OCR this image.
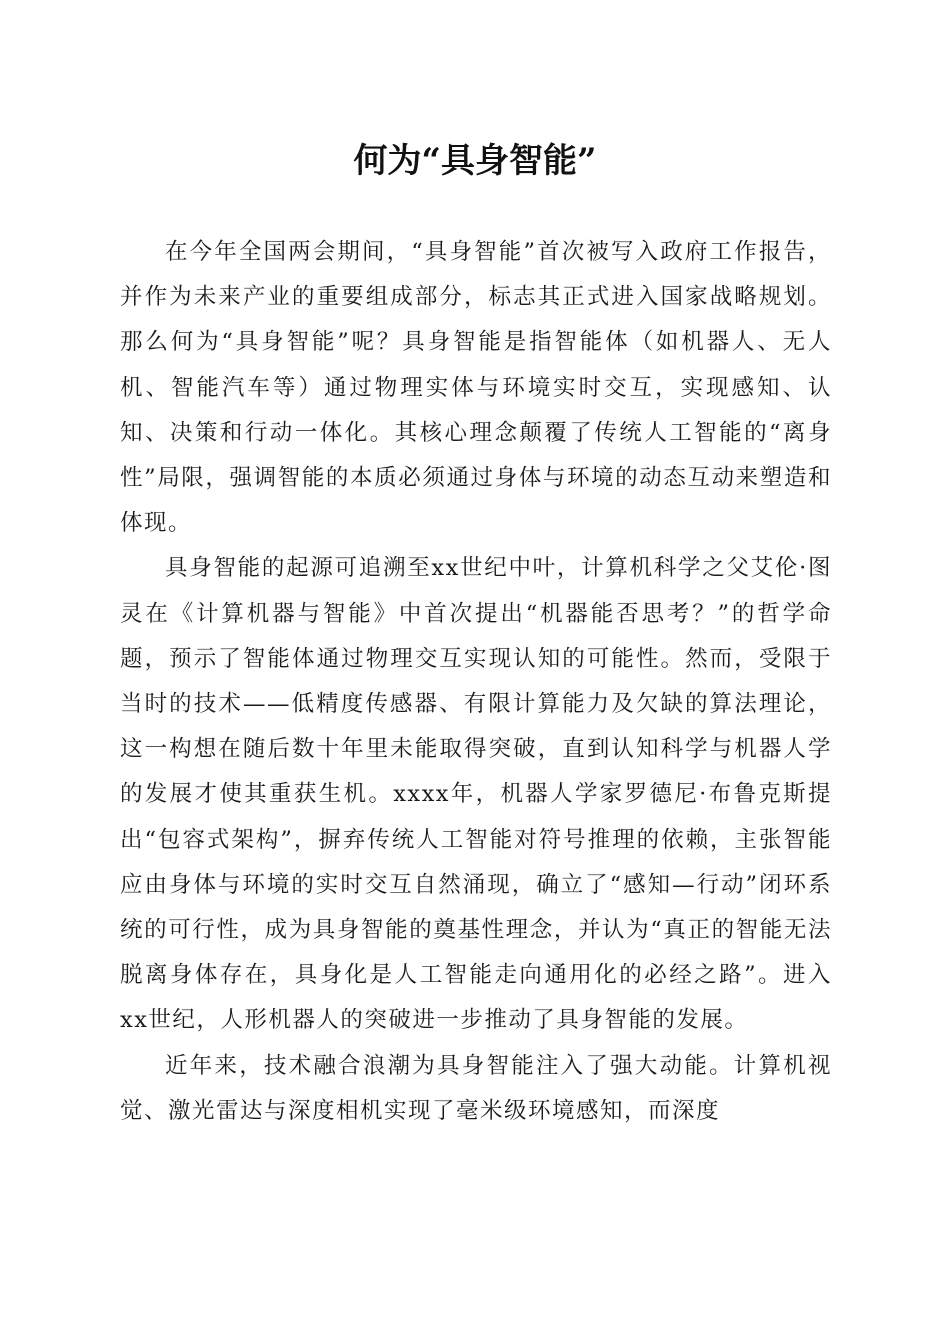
何为“具身智能”

在今年全国两会期间，“具身智能”首次被写入政府工作报告，并作为未来产业的重要组成部分，标志其正式进入国家战略规划。那么何为“具身智能”呢？具身智能是指智能体（如机器人、无人机、智能汽车等）通过物理实体与环境实时交互，实现感知、认知、决策和行动一体化。其核心理念颠覆了传统人工智能的“离身性”局限，强调智能的本质必须通过身体与环境的动态互动来塑造和体现。

具身智能的起源可追溯至xx世纪中叶，计算机科学之父艾伦·图灵在《计算机器与智能》中首次提出“机器能否思考？”的哲学命题，预示了智能体通过物理交互实现认知的可能性。然而，受限于当时的技术——低精度传感器、有限计算能力及欠缺的算法理论，这一构想在随后数十年里未能取得突破，直到认知科学与机器人学的发展才使其重获生机。xxxx年，机器人学家罗德尼·布鲁克斯提出“包容式架构”，摒弃传统人工智能对符号推理的依赖，主张智能应由身体与环境的实时交互自然涌现，确立了“感知—行动”闭环系统的可行性，成为具身智能的奠基性理念，并认为“真正的智能无法脱离身体存在，具身化是人工智能走向通用化的必经之路”。进入xx世纪，人形机器人的突破进一步推动了具身智能的发展。

近年来，技术融合浪潮为具身智能注入了强大动能。计算机视觉、激光雷达与深度相机实现了毫米级环境感知，而深度
